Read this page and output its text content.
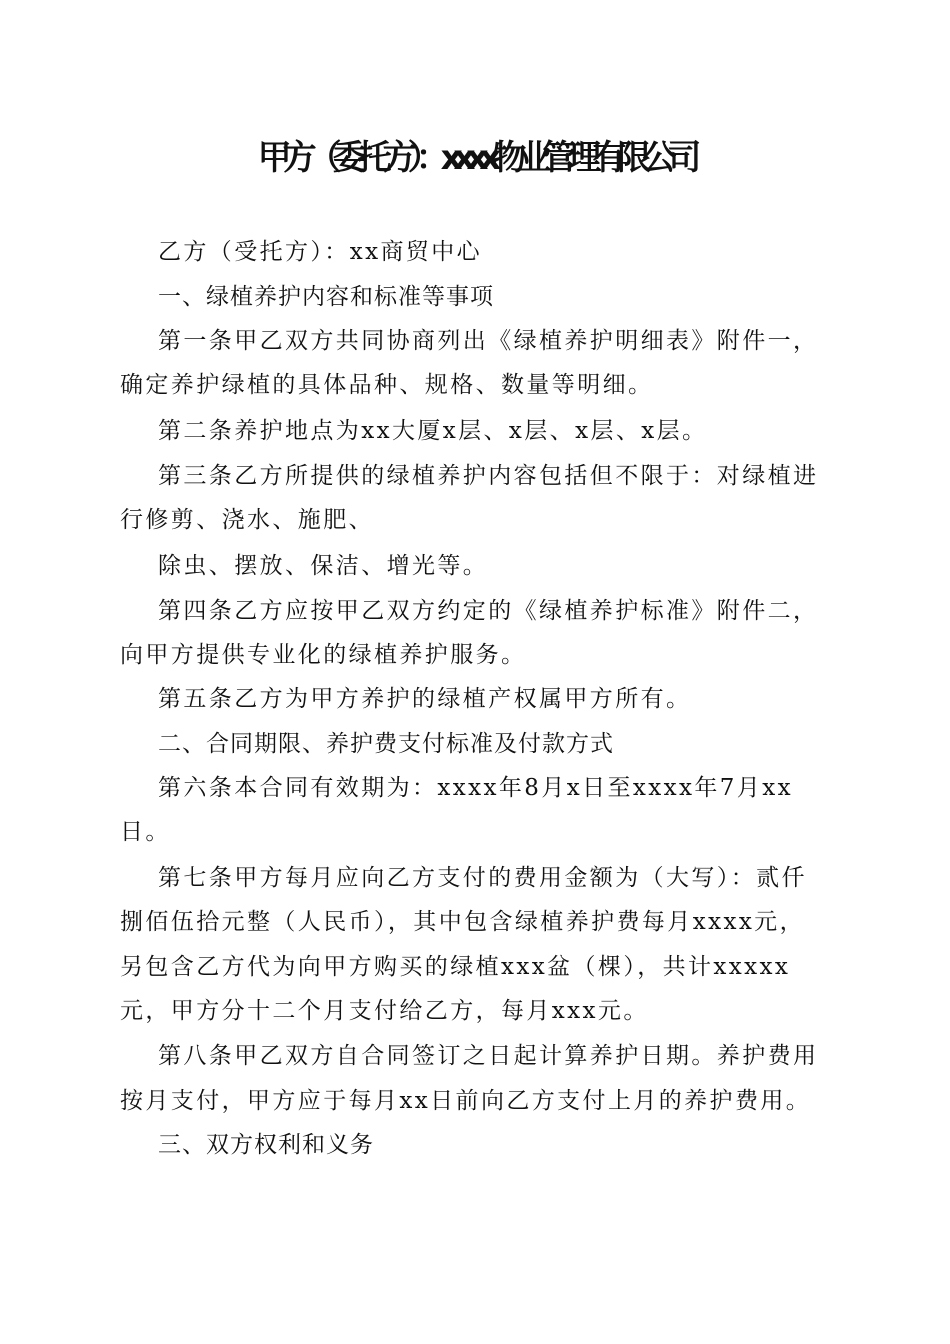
甲方（委托方）：xxxx物业管理有限公司
乙方（受托方）：xx商贸中心
一、绿植养护内容和标准等事项
第一条甲乙双方共同协商列出《绿植养护明细表》附件一，
确定养护绿植的具体品种、规格、数量等明细。
第二条养护地点为xx大厦x层、x层、x层、x层。
第三条乙方所提供的绿植养护内容包括但不限于：对绿植进
行修剪、浇水、施肥、
除虫、摆放、保洁、增光等。
第四条乙方应按甲乙双方约定的《绿植养护标准》附件二，
向甲方提供专业化的绿植养护服务。
第五条乙方为甲方养护的绿植产权属甲方所有。
二、合同期限、养护费支付标准及付款方式
第六条本合同有效期为：xxxx年8月x日至xxxx年7月xx
日。
第七条甲方每月应向乙方支付的费用金额为（大写）：贰仟
捌佰伍拾元整（人民币），其中包含绿植养护费每月xxxx元，
另包含乙方代为向甲方购买的绿植xxx盆（棵），共计xxxxx
元，甲方分十二个月支付给乙方，每月xxx元。
第八条甲乙双方自合同签订之日起计算养护日期。养护费用
按月支付，甲方应于每月xx日前向乙方支付上月的养护费用。
三、双方权利和义务
